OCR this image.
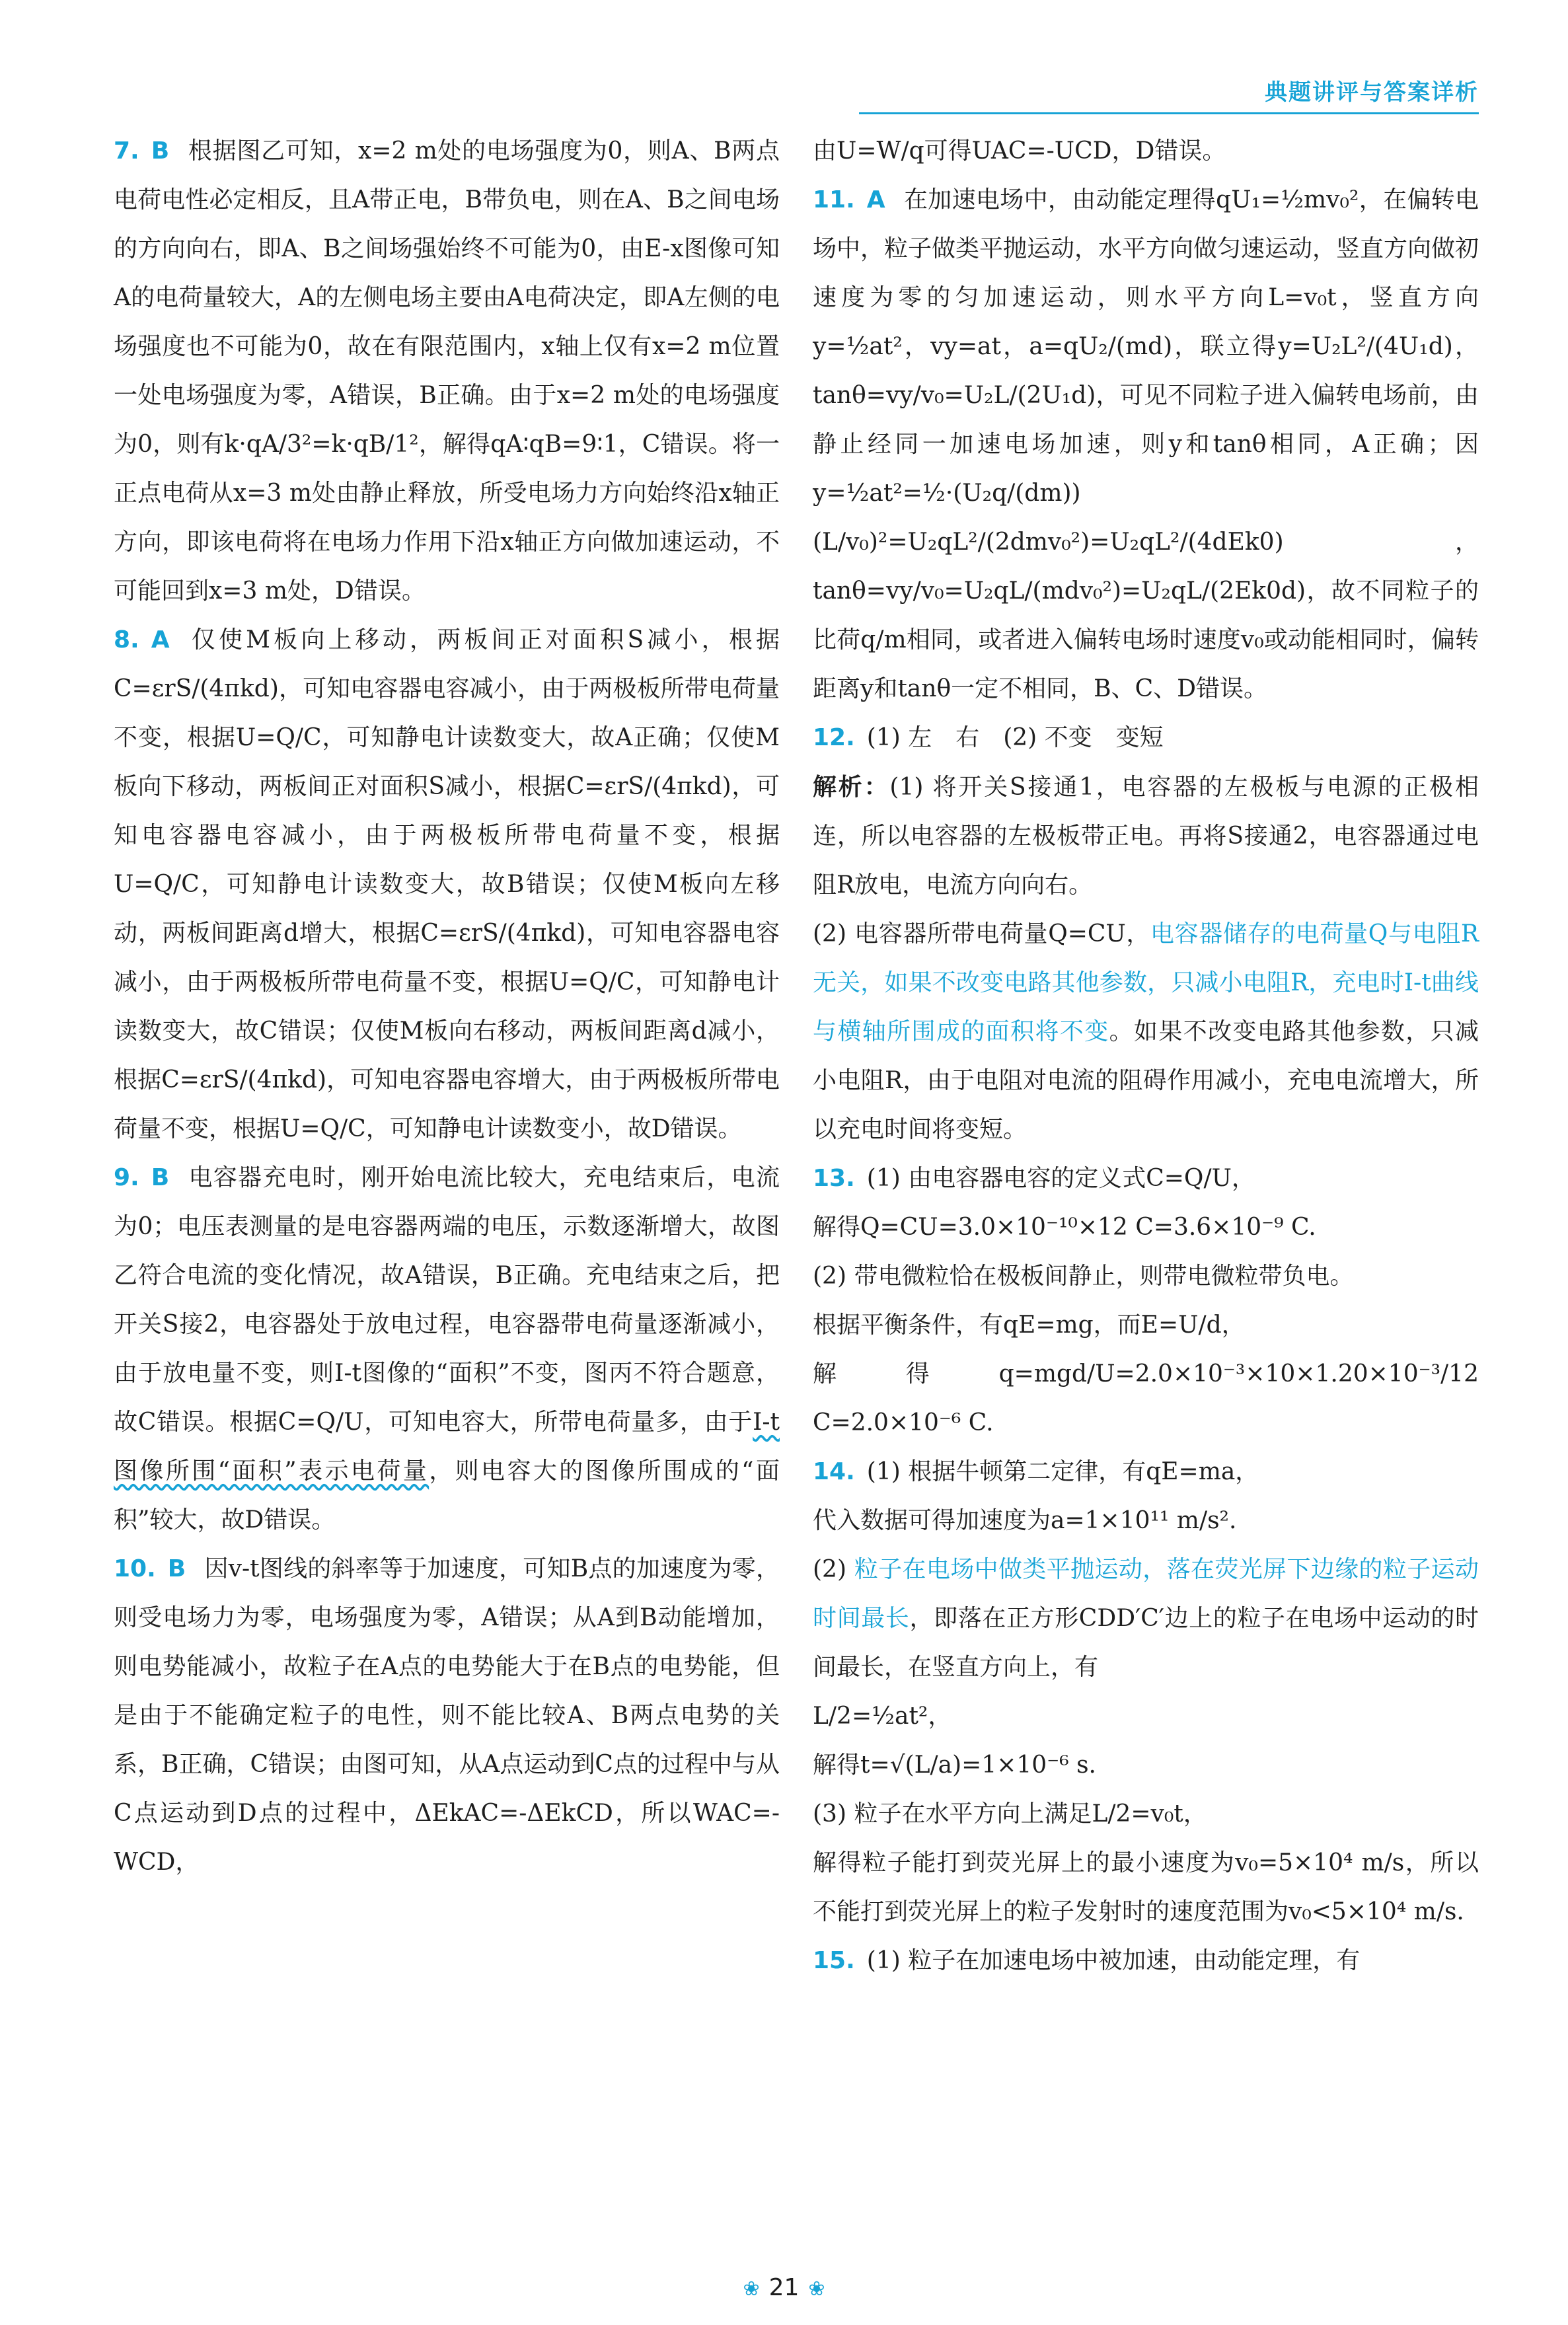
典题讲评与答案详析

7. B 根据图乙可知，x=2 m处的电场强度为0，则A、B两点电荷电性必定相反，且A带正电，B带负电，则在A、B之间电场的方向向右，即A、B之间场强始终不可能为0，由E-x图像可知A的电荷量较大，A的左侧电场主要由A电荷决定，即A左侧的电场强度也不可能为0，故在有限范围内，x轴上仅有x=2 m位置一处电场强度为零，A错误，B正确。由于x=2 m处的电场强度为0，则有k·qA/3²=k·qB/1²，解得qA∶qB=9∶1，C错误。将一正点电荷从x=3 m处由静止释放，所受电场力方向始终沿x轴正方向，即该电荷将在电场力作用下沿x轴正方向做加速运动，不可能回到x=3 m处，D错误。

8. A 仅使M板向上移动，两板间正对面积S减小，根据C=εrS/(4πkd)，可知电容器电容减小，由于两极板所带电荷量不变，根据U=Q/C，可知静电计读数变大，故A正确；仅使M板向下移动，两板间正对面积S减小，根据C=εrS/(4πkd)，可知电容器电容减小，由于两极板所带电荷量不变，根据U=Q/C，可知静电计读数变大，故B错误；仅使M板向左移动，两板间距离d增大，根据C=εrS/(4πkd)，可知电容器电容减小，由于两极板所带电荷量不变，根据U=Q/C，可知静电计读数变大，故C错误；仅使M板向右移动，两板间距离d减小，根据C=εrS/(4πkd)，可知电容器电容增大，由于两极板所带电荷量不变，根据U=Q/C，可知静电计读数变小，故D错误。

9. B 电容器充电时，刚开始电流比较大，充电结束后，电流为0；电压表测量的是电容器两端的电压，示数逐渐增大，故图乙符合电流的变化情况，故A错误，B正确。充电结束之后，把开关S接2，电容器处于放电过程，电容器带电荷量逐渐减小，由于放电量不变，则I-t图像的“面积”不变，图丙不符合题意，故C错误。根据C=Q/U，可知电容大，所带电荷量多，由于I-t图像所围“面积”表示电荷量，则电容大的图像所围成的“面积”较大，故D错误。

10. B 因v-t图线的斜率等于加速度，可知B点的加速度为零，则受电场力为零，电场强度为零，A错误；从A到B动能增加，则电势能减小，故粒子在A点的电势能大于在B点的电势能，但是由于不能确定粒子的电性，则不能比较A、B两点电势的关系，B正确，C错误；由图可知，从A点运动到C点的过程中与从C点运动到D点的过程中，ΔEkAC=-ΔEkCD，所以WAC=-WCD，

由U=W/q可得UAC=-UCD，D错误。

11. A 在加速电场中，由动能定理得qU₁=½mv₀²，在偏转电场中，粒子做类平抛运动，水平方向做匀速运动，竖直方向做初速度为零的匀加速运动，则水平方向L=v₀t，竖直方向y=½at²，vy=at，a=qU₂/(md)，联立得y=U₂L²/(4U₁d)，tanθ=vy/v₀=U₂L/(2U₁d)，可见不同粒子进入偏转电场前，由静止经同一加速电场加速，则y和tanθ相同，A正确；因y=½at²=½·(U₂q/(dm))(L/v₀)²=U₂qL²/(2dmv₀²)=U₂qL²/(4dEk0)，tanθ=vy/v₀=U₂qL/(mdv₀²)=U₂qL/(2Ek0d)，故不同粒子的比荷q/m相同，或者进入偏转电场时速度v₀或动能相同时，偏转距离y和tanθ一定不相同，B、C、D错误。

12. (1) 左　右　(2) 不变　变短

解析：(1) 将开关S接通1，电容器的左极板与电源的正极相连，所以电容器的左极板带正电。再将S接通2，电容器通过电阻R放电，电流方向向右。

(2) 电容器所带电荷量Q=CU，电容器储存的电荷量Q与电阻R无关，如果不改变电路其他参数，只减小电阻R，充电时I-t曲线与横轴所围成的面积将不变。如果不改变电路其他参数，只减小电阻R，由于电阻对电流的阻碍作用减小，充电电流增大，所以充电时间将变短。

13. (1) 由电容器电容的定义式C=Q/U，

解得Q=CU=3.0×10⁻¹⁰×12 C=3.6×10⁻⁹ C.

(2) 带电微粒恰在极板间静止，则带电微粒带负电。

根据平衡条件，有qE=mg，而E=U/d，

解得q=mgd/U=2.0×10⁻³×10×1.20×10⁻³/12 C=2.0×10⁻⁶ C.

14. (1) 根据牛顿第二定律，有qE=ma，

代入数据可得加速度为a=1×10¹¹ m/s².

(2) 粒子在电场中做类平抛运动，落在荧光屏下边缘的粒子运动时间最长，即落在正方形CDD′C′边上的粒子在电场中运动的时间最长，在竖直方向上，有

L/2=½at²，

解得t=√(L/a)=1×10⁻⁶ s.

(3) 粒子在水平方向上满足L/2=v₀t，

解得粒子能打到荧光屏上的最小速度为v₀=5×10⁴ m/s，所以不能打到荧光屏上的粒子发射时的速度范围为v₀<5×10⁴ m/s.

15. (1) 粒子在加速电场中被加速，由动能定理，有

❀ 21 ❀
